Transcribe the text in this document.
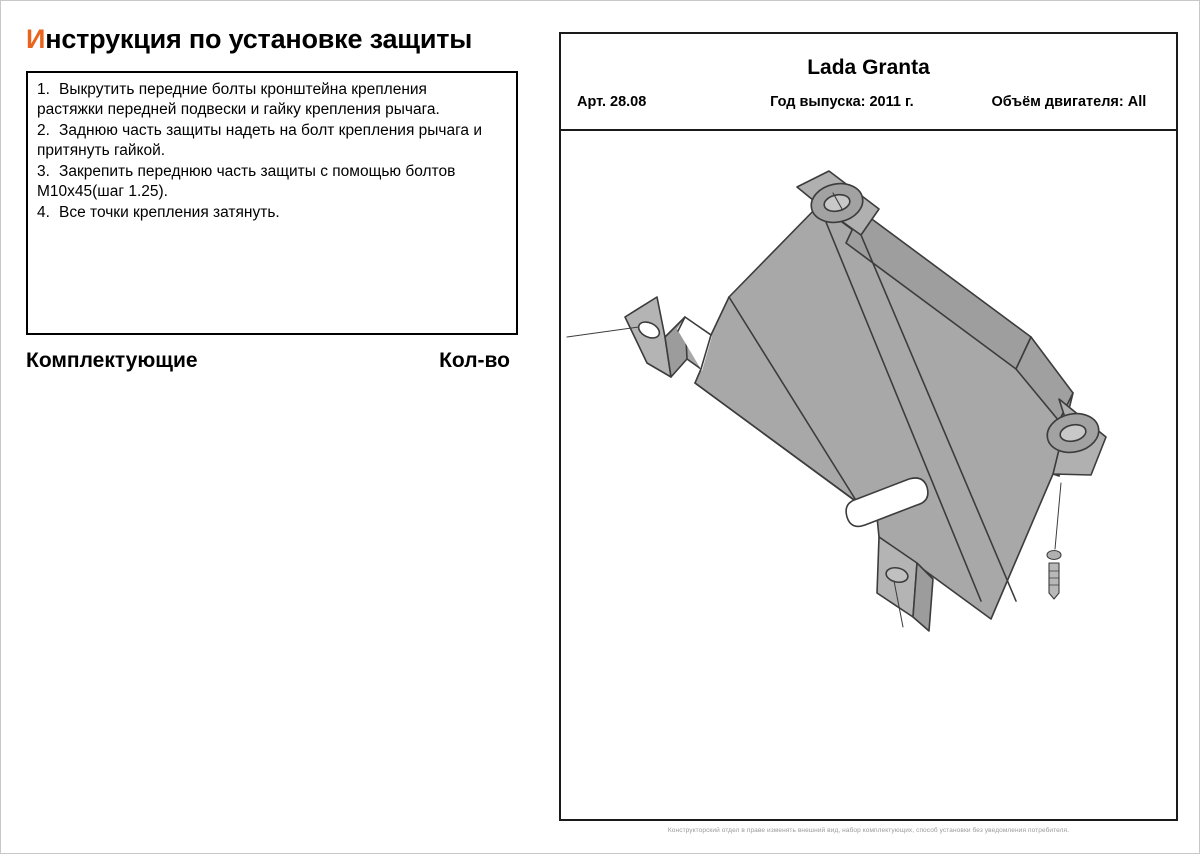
Инструкция по установке защиты
1. Выкрутить передние болты кронштейна крепления
растяжки передней подвески и гайку крепления рычага.
2. Заднюю часть защиты надеть на болт крепления рычага и
притянуть гайкой.
3. Закрепить переднюю часть защиты с помощью болтов
M10x45(шаг 1.25).
4. Все точки крепления затянуть.
Комплектующие	Кол-во
Lada Granta
Арт. 28.08	Год выпуска: 2011 г.	Объём двигателя: All
Конструкторский отдел в праве изменять внешний вид, набор комплектующих, способ установки без уведомления потребителя.
